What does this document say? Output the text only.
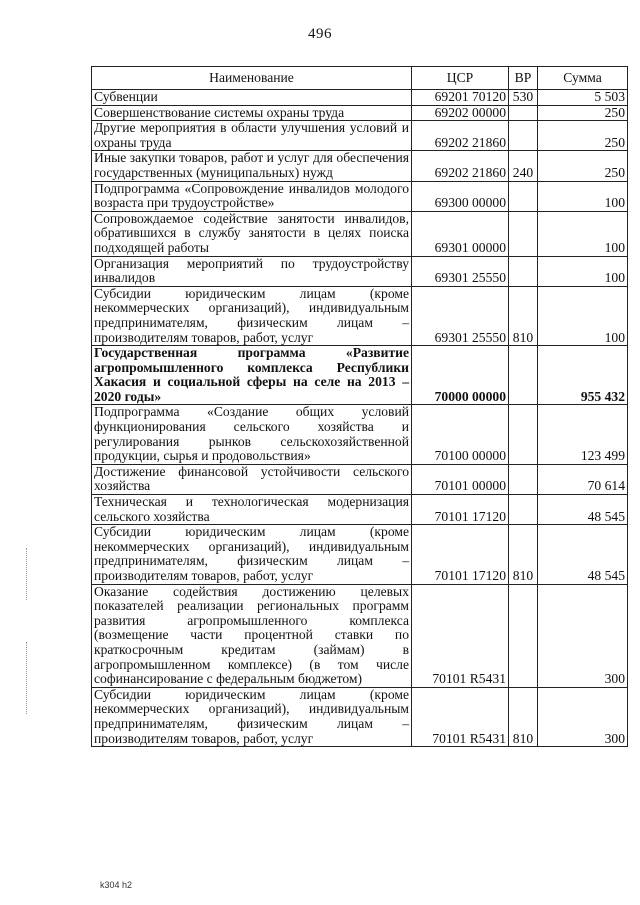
496
Наименование	ЦСР	ВР	Сумма
Субвенции	69201 70120	530	5 503
Совершенствование системы охраны труда	69202 00000		250
Другие мероприятия в области улучшения условий и охраны труда	69202 21860		250
Иные закупки товаров, работ и услуг для обеспечения государственных (муниципальных) нужд	69202 21860	240	250
Подпрограмма «Сопровождение инвалидов молодого возраста при трудоустройстве»	69300 00000		100
Сопровождаемое содействие занятости инвалидов, обратившихся в службу занятости в целях поиска подходящей работы	69301 00000		100
Организация мероприятий по трудоустройству инвалидов	69301 25550		100
Субсидии юридическим лицам (кроме некоммерческих организаций), индивидуальным предпринимателям, физическим лицам – производителям товаров, работ, услуг	69301 25550	810	100
Государственная программа «Развитие агропромышленного комплекса Республики Хакасия и социальной сферы на селе на 2013 – 2020 годы»	70000 00000		955 432
Подпрограмма «Создание общих условий функционирования сельского хозяйства и регулирования рынков сельскохозяйственной продукции, сырья и продовольствия»	70100 00000		123 499
Достижение финансовой устойчивости сельского хозяйства	70101 00000		70 614
Техническая и технологическая модернизация сельского хозяйства	70101 17120		48 545
Субсидии юридическим лицам (кроме некоммерческих организаций), индивидуальным предпринимателям, физическим лицам – производителям товаров, работ, услуг	70101 17120	810	48 545
Оказание содействия достижению целевых показателей реализации региональных программ развития агропромышленного комплекса (возмещение части процентной ставки по краткосрочным кредитам (займам) в агропромышленном комплексе) (в том числе софинансирование с федеральным бюджетом)	70101 R5431		300
Субсидии юридическим лицам (кроме некоммерческих организаций), индивидуальным предпринимателям, физическим лицам – производителям товаров, работ, услуг	70101 R5431	810	300
k304 h2
